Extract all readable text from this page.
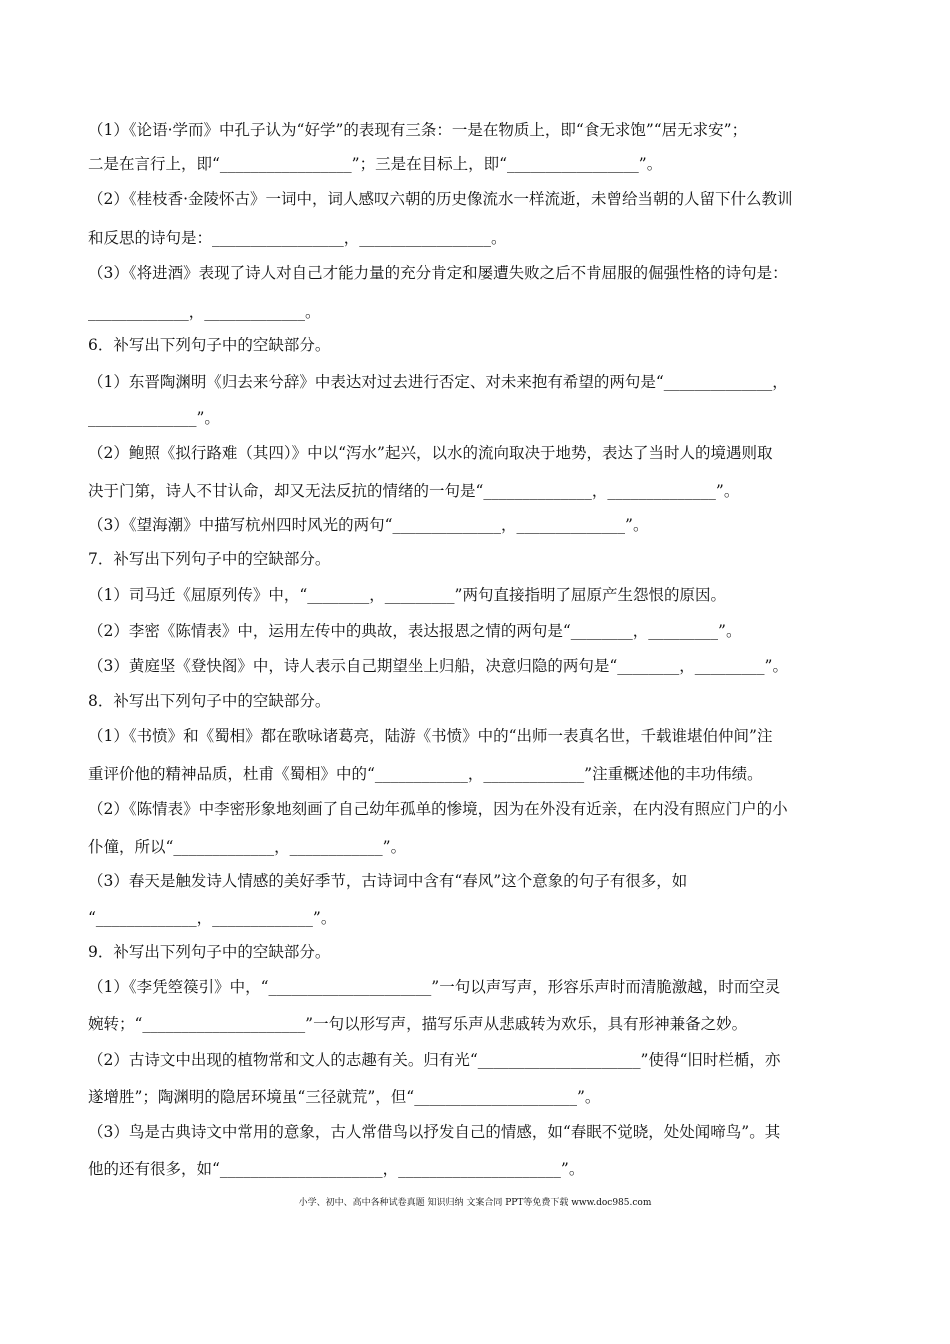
（1）《论语·学而》中孔子认为“好学”的表现有三条：一是在物质上，即“食无求饱”“居无求安”；
二是在言行上，即“_________________”；三是在目标上，即“_________________”。
（2）《桂枝香·金陵怀古》一词中，词人感叹六朝的历史像流水一样流逝，未曾给当朝的人留下什么教训
和反思的诗句是：_________________，_________________。
（3）《将进酒》表现了诗人对自己才能力量的充分肯定和屡遭失败之后不肯屈服的倔强性格的诗句是：
_____________，_____________。
6．补写出下列句子中的空缺部分。
（1）东晋陶渊明《归去来兮辞》中表达对过去进行否定、对未来抱有希望的两句是“______________，
______________”。
（2）鲍照《拟行路难（其四）》中以“泻水”起兴，以水的流向取决于地势，表达了当时人的境遇则取
决于门第，诗人不甘认命，却又无法反抗的情绪的一句是“______________，______________”。
（3）《望海潮》中描写杭州四时风光的两句“______________，______________”。
7．补写出下列句子中的空缺部分。
（1）司马迁《屈原列传》中，“________，_________”两句直接指明了屈原产生怨恨的原因。
（2）李密《陈情表》中，运用左传中的典故，表达报恩之情的两句是“________，_________”。
（3）黄庭坚《登快阁》中，诗人表示自己期望坐上归船，决意归隐的两句是“________，_________”。
8．补写出下列句子中的空缺部分。
（1）《书愤》和《蜀相》都在歌咏诸葛亮，陆游《书愤》中的“出师一表真名世，千载谁堪伯仲间”注
重评价他的精神品质，杜甫《蜀相》中的“____________，_____________”注重概述他的丰功伟绩。
（2）《陈情表》中李密形象地刻画了自己幼年孤单的惨境，因为在外没有近亲，在内没有照应门户的小
仆僮，所以“_____________，____________”。
（3）春天是触发诗人情感的美好季节，古诗词中含有“春风”这个意象的句子有很多，如
“_____________，_____________”。
9．补写出下列句子中的空缺部分。
（1）《李凭箜篌引》中，“_____________________”一句以声写声，形容乐声时而清脆激越，时而空灵
婉转；“_____________________”一句以形写声，描写乐声从悲戚转为欢乐，具有形神兼备之妙。
（2）古诗文中出现的植物常和文人的志趣有关。归有光“_____________________”使得“旧时栏楯，亦
遂增胜”；陶渊明的隐居环境虽“三径就荒”，但“_____________________”。
（3）鸟是古典诗文中常用的意象，古人常借鸟以抒发自己的情感，如“春眠不觉晓，处处闻啼鸟”。其
他的还有很多，如“_____________________，_____________________”。
小学、初中、高中各种试卷真题 知识归纳 文案合同 PPT等免费下载 www.doc985.com
